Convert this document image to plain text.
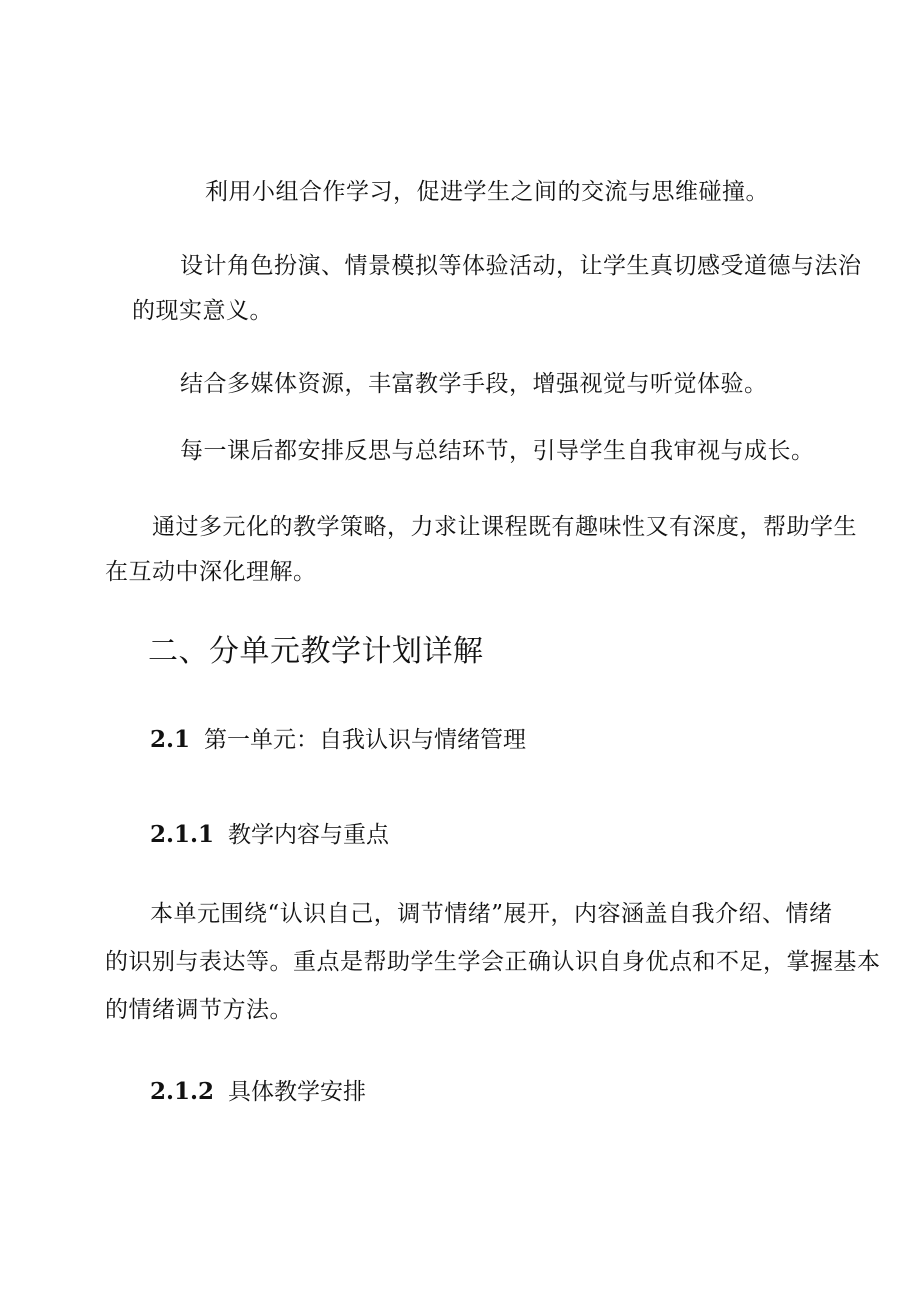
利用小组合作学习，促进学生之间的交流与思维碰撞。
设计角色扮演、情景模拟等体验活动，让学生真切感受道德与法治
的现实意义。
结合多媒体资源，丰富教学手段，增强视觉与听觉体验。
每一课后都安排反思与总结环节，引导学生自我审视与成长。
通过多元化的教学策略，力求让课程既有趣味性又有深度，帮助学生
在互动中深化理解。
二、分单元教学计划详解
2.1 第一单元：自我认识与情绪管理
2.1.1 教学内容与重点
本单元围绕“认识自己，调节情绪”展开，内容涵盖自我介绍、情绪
的识别与表达等。重点是帮助学生学会正确认识自身优点和不足，掌握基本
的情绪调节方法。
2.1.2 具体教学安排
